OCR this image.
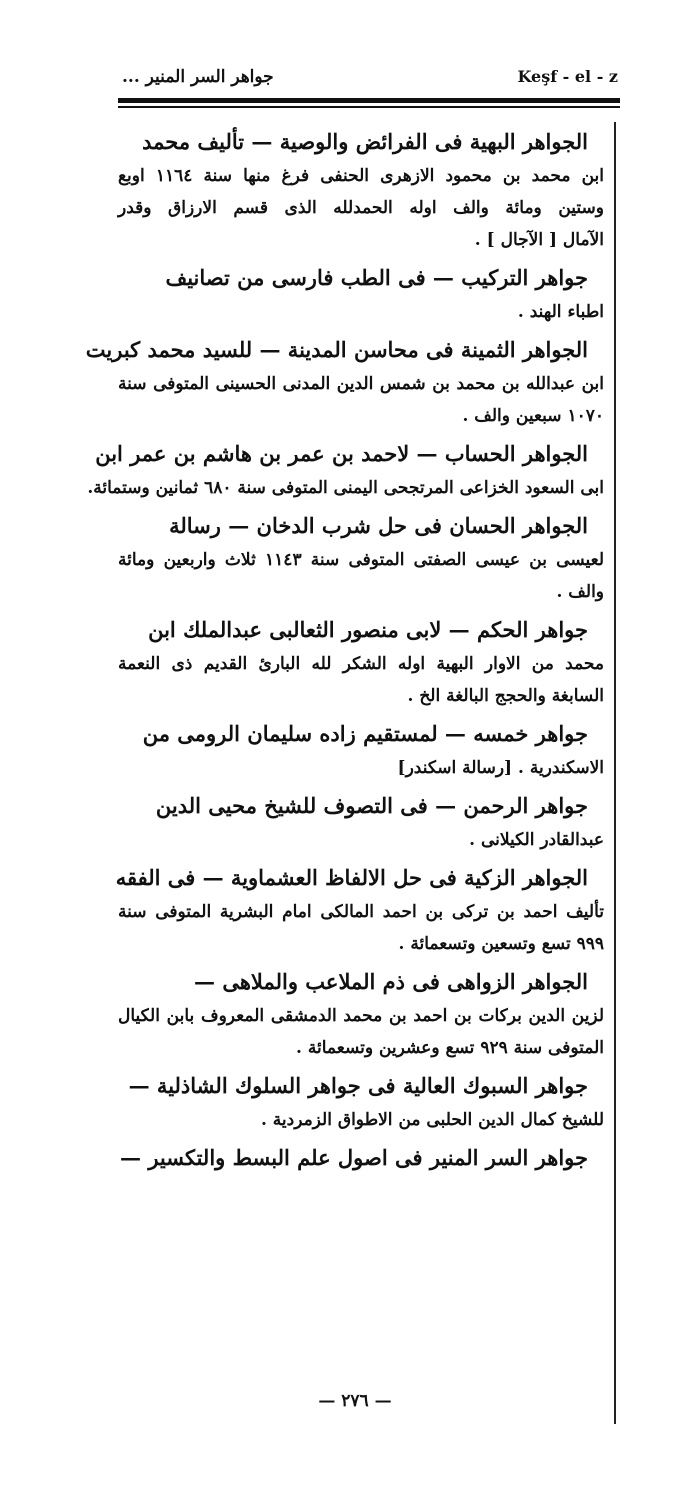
جواهر السر المنير ...	Keşf - el - z
الجواهر البهية فى الفرائض والوصية — تأليف محمد
ابن محمد بن محمود الازهرى الحنفى فرغ منها سنة ١١٦٤ اوبع
وستين ومائة والف اوله الحمدلله الذى قسم الارزاق وقدر
الآمال [ الآجال ] .
جواهر التركيب — فى الطب فارسى من تصانيف
اطباء الهند .
الجواهر الثمينة فى محاسن المدينة — للسيد محمد كبريت
ابن عبدالله بن محمد بن شمس الدين المدنى الحسينى المتوفى سنة
١٠٧٠ سبعين والف .
الجواهر الحساب — لاحمد بن عمر بن هاشم بن عمر ابن
ابى السعود الخزاعى المرتجحى اليمنى المتوفى سنة ٦٨٠ ثمانين وستمائة.
الجواهر الحسان فى حل شرب الدخان — رسالة
لعيسى بن عيسى الصفتى المتوفى سنة ١١٤٣ ثلاث واربعين ومائة
والف .
جواهر الحكم — لابى منصور الثعالبى عبدالملك ابن
محمد من الاوار البهية اوله الشكر لله البارئ القديم ذى النعمة
السابغة والحجج البالغة الخ .
جواهر خمسه — لمستقيم زاده سليمان الرومى من
الاسكندرية . [رسالة اسكندر]
جواهر الرحمن — فى التصوف للشيخ محيى الدين
عبدالقادر الكيلانى .
الجواهر الزكية فى حل الالفاظ العشماوية — فى الفقه
تأليف احمد بن تركى بن احمد المالكى امام البشرية المتوفى سنة
٩٩٩ تسع وتسعين وتسعمائة .
الجواهر الزواهى فى ذم الملاعب والملاهى —
لزين الدين بركات بن احمد بن محمد الدمشقى المعروف بابن الكيال
المتوفى سنة ٩٢٩ تسع وعشرين وتسعمائة .
جواهر السبوك العالية فى جواهر السلوك الشاذلية —
للشيخ كمال الدين الحلبى من الاطواق الزمردية .
جواهر السر المنير فى اصول علم البسط والتكسير —
— ٢٧٦ —
